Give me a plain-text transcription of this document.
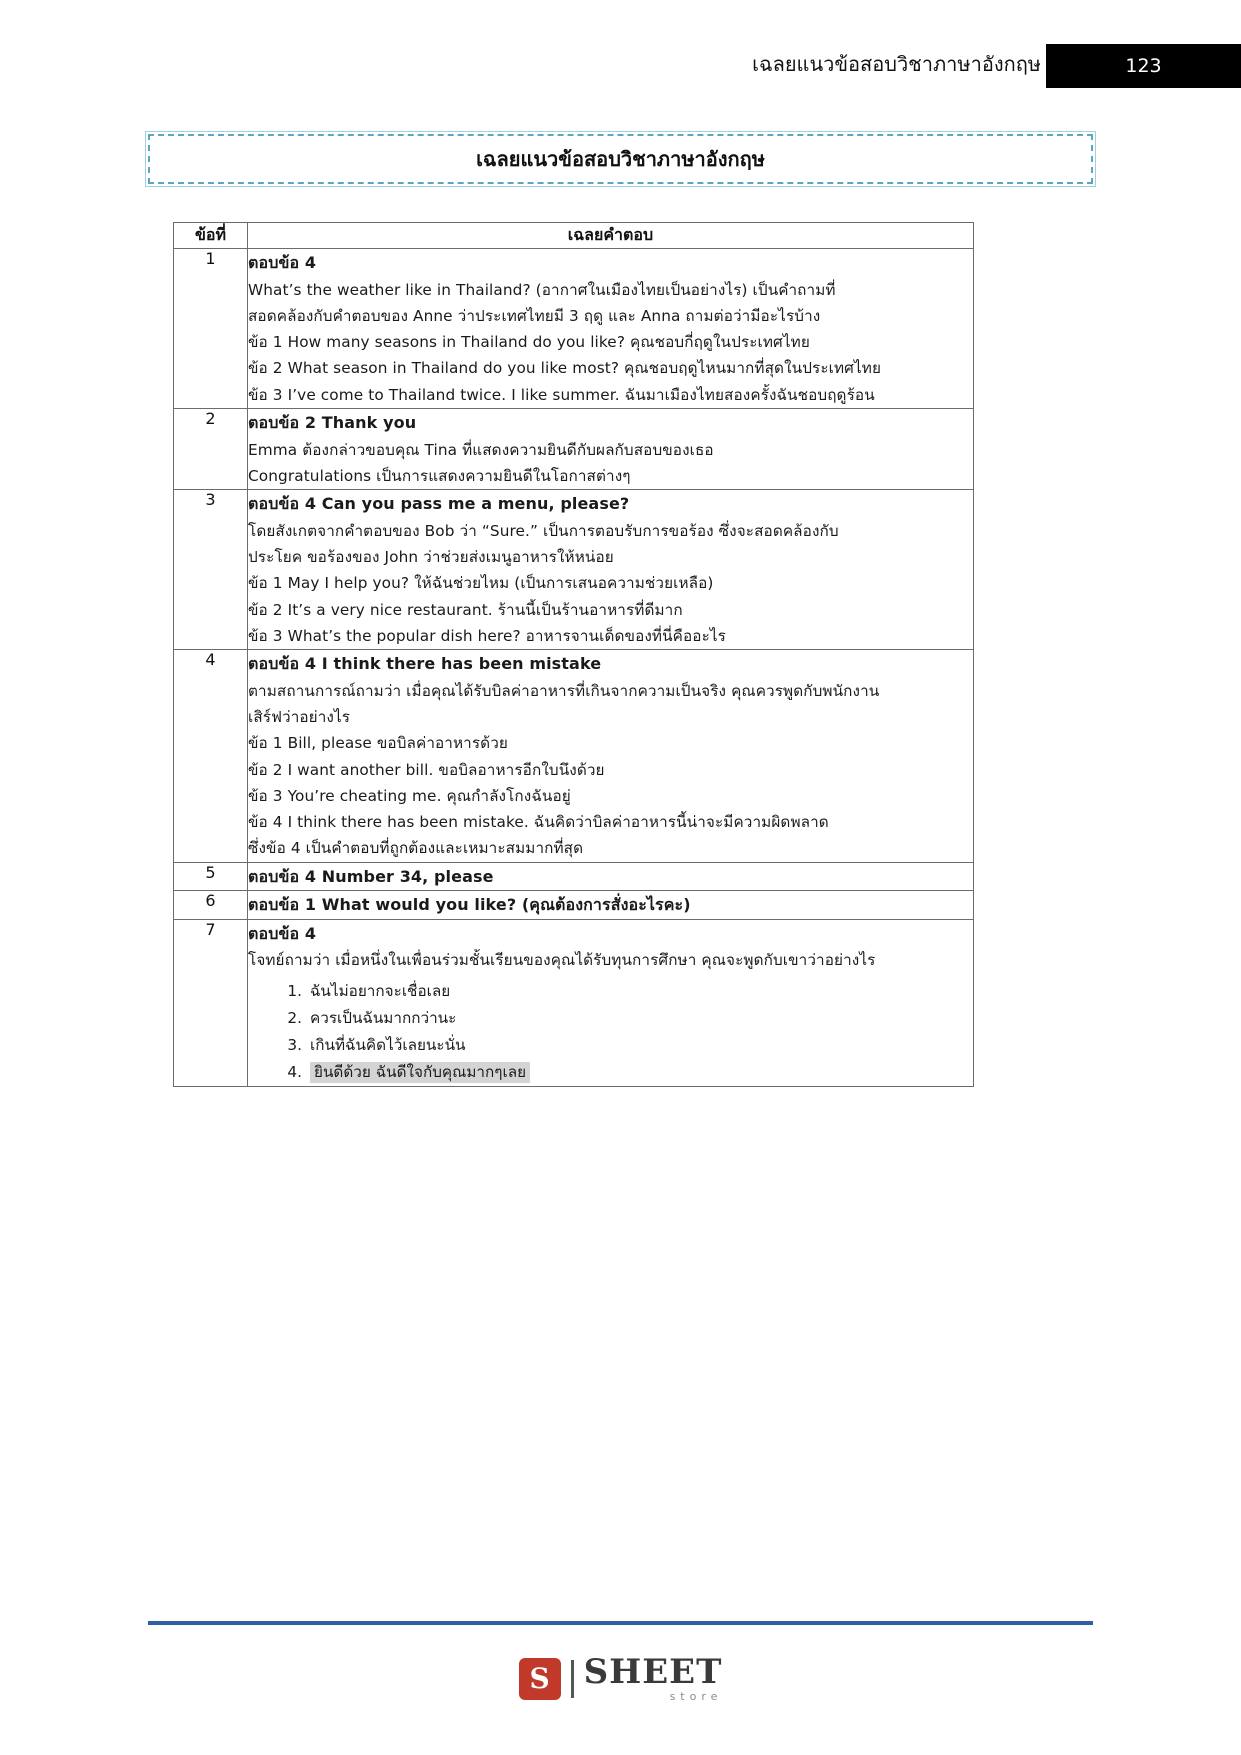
เฉลยแนวข้อสอบวิชาภาษาอังกฤษ	123
เฉลยแนวข้อสอบวิชาภาษาอังกฤษ
ข้อที่	เฉลยคำตอบ
1	ตอบข้อ 4
What’s the weather like in Thailand? (อากาศในเมืองไทยเป็นอย่างไร) เป็นคำถามที่
สอดคล้องกับคำตอบของ Anne ว่าประเทศไทยมี 3 ฤดู และ Anna ถามต่อว่ามีอะไรบ้าง
ข้อ 1 How many seasons in Thailand do you like? คุณชอบกี่ฤดูในประเทศไทย
ข้อ 2 What season in Thailand do you like most? คุณชอบฤดูไหนมากที่สุดในประเทศไทย
ข้อ 3 I’ve come to Thailand twice. I like summer. ฉันมาเมืองไทยสองครั้งฉันชอบฤดูร้อน

2	ตอบข้อ 2 Thank you
Emma ต้องกล่าวขอบคุณ Tina ที่แสดงความยินดีกับผลกับสอบของเธอ
Congratulations เป็นการแสดงความยินดีในโอกาสต่างๆ

3	ตอบข้อ 4 Can you pass me a menu, please?
โดยสังเกตจากคำตอบของ Bob ว่า “Sure.” เป็นการตอบรับการขอร้อง ซึ่งจะสอดคล้องกับ
ประโยค ขอร้องของ John ว่าช่วยส่งเมนูอาหารให้หน่อย
ข้อ 1 May I help you? ให้ฉันช่วยไหม (เป็นการเสนอความช่วยเหลือ)
ข้อ 2 It’s a very nice restaurant. ร้านนี้เป็นร้านอาหารที่ดีมาก
ข้อ 3 What’s the popular dish here? อาหารจานเด็ดของที่นี่คืออะไร

4	ตอบข้อ 4 I think there has been mistake
ตามสถานการณ์ถามว่า เมื่อคุณได้รับบิลค่าอาหารที่เกินจากความเป็นจริง คุณควรพูดกับพนักงาน
เสิร์ฟว่าอย่างไร
ข้อ 1 Bill, please ขอบิลค่าอาหารด้วย
ข้อ 2 I want another bill. ขอบิลอาหารอีกใบนึงด้วย
ข้อ 3 You’re cheating me. คุณกำลังโกงฉันอยู่
ข้อ 4 I think there has been mistake. ฉันคิดว่าบิลค่าอาหารนี้น่าจะมีความผิดพลาด
ซึ่งข้อ 4 เป็นคำตอบที่ถูกต้องและเหมาะสมมากที่สุด

5	ตอบข้อ 4 Number 34, please

6	ตอบข้อ 1 What would you like? (คุณต้องการสั่งอะไรคะ)

7	ตอบข้อ 4
โจทย์ถามว่า เมื่อหนึ่งในเพื่อนร่วมชั้นเรียนของคุณได้รับทุนการศึกษา คุณจะพูดกับเขาว่าอย่างไร
1. ฉันไม่อยากจะเชื่อเลย
2. ควรเป็นฉันมากกว่านะ
3. เกินที่ฉันคิดไว้เลยนะนั่น
4. ยินดีด้วย ฉันดีใจกับคุณมากๆเลย
S SHEET
store
